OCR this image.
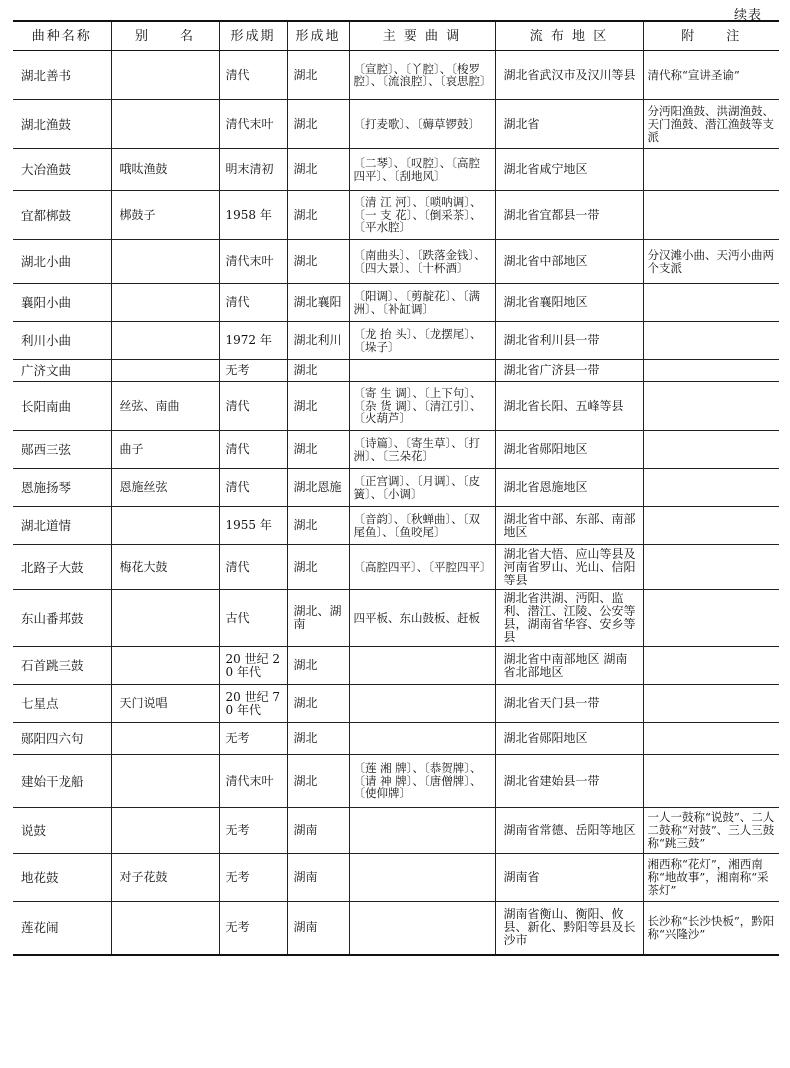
续表
曲种名称	别　　名	形成期	形成地	主 要 曲 调	流 布 地 区	附　　注
湖北善书		清代	湖北	〔宣腔〕、〔丫腔〕、〔梭罗腔〕、〔流浪腔〕、〔哀思腔〕	湖北省武汉市及汉川等县	清代称“宣讲圣谕”
湖北渔鼓		清代末叶	湖北	〔打麦歌〕、〔薅草锣鼓〕	湖北省	分沔阳渔鼓、洪湖渔鼓、天门渔鼓、潜江渔鼓等支派
大冶渔鼓	哦呔渔鼓	明末清初	湖北	〔二琴〕、〔叹腔〕、〔高腔四平〕、〔刮地风〕	湖北省咸宁地区	
宜都梆鼓	梆鼓子	1958 年	湖北	〔清 江 河〕、〔唢呐调〕、〔一 支 花〕、〔倒采茶〕、〔平水腔〕	湖北省宜都县一带	
湖北小曲		清代末叶	湖北	〔南曲头〕、〔跌落金钱〕、〔四大景〕、〔十杯酒〕	湖北省中部地区	分汉滩小曲、天沔小曲两个支派
襄阳小曲		清代	湖北襄阳	〔阳调〕、〔剪靛花〕、〔满洲〕、〔补缸调〕	湖北省襄阳地区	
利川小曲		1972 年	湖北利川	〔龙 抬 头〕、〔龙摆尾〕、〔垛子〕	湖北省利川县一带	
广济文曲		无考	湖北		湖北省广济县一带	
长阳南曲	丝弦、南曲	清代	湖北	〔寄 生 调〕、〔上下句〕、〔杂 货 调〕、〔清江引〕、〔火葫芦〕	湖北省长阳、五峰等县	
郧西三弦	曲子	清代	湖北	〔诗篇〕、〔寄生草〕、〔打洲〕、〔三朵花〕	湖北省郧阳地区	
恩施扬琴	恩施丝弦	清代	湖北恩施	〔正宫调〕、〔月调〕、〔皮簧〕、〔小调〕	湖北省恩施地区	
湖北道情		1955 年	湖北	〔音韵〕、〔秋蝉曲〕、〔双尾鱼〕、〔鱼咬尾〕	湖北省中部、东部、南部地区	
北路子大鼓	梅花大鼓	清代	湖北	〔高腔四平〕、〔平腔四平〕	湖北省大悟、应山等县及河南省罗山、光山、信阳等县	
东山番邦鼓		古代	湖北、湖南	四平板、东山鼓板、赶板	湖北省洪湖、沔阳、监利、潜江、江陵、公安等县，湖南省华容、安乡等县	
石首跳三鼓		20 世纪 20 年代	湖北		湖北省中南部地区 湖南省北部地区	
七星点	天门说唱	20 世纪 70 年代	湖北		湖北省天门县一带	
郧阳四六句		无考	湖北		湖北省郧阳地区	
建始干龙船		清代末叶	湖北	〔莲 湘 牌〕、〔恭贺牌〕、〔请 神 牌〕、〔唐僧牌〕、〔使仰牌〕	湖北省建始县一带	
说鼓		无考	湖南		湖南省常德、岳阳等地区	一人一鼓称“说鼓”、二人二鼓称“对鼓”、三人三鼓称“跳三鼓”
地花鼓	对子花鼓	无考	湖南		湖南省	湘西称“花灯”，湘西南称“地故事”，湘南称“采茶灯”
莲花闹		无考	湖南		湖南省衡山、衡阳、攸县、新化、黔阳等县及长沙市	长沙称“长沙快板”，黔阳称“兴隆沙”
